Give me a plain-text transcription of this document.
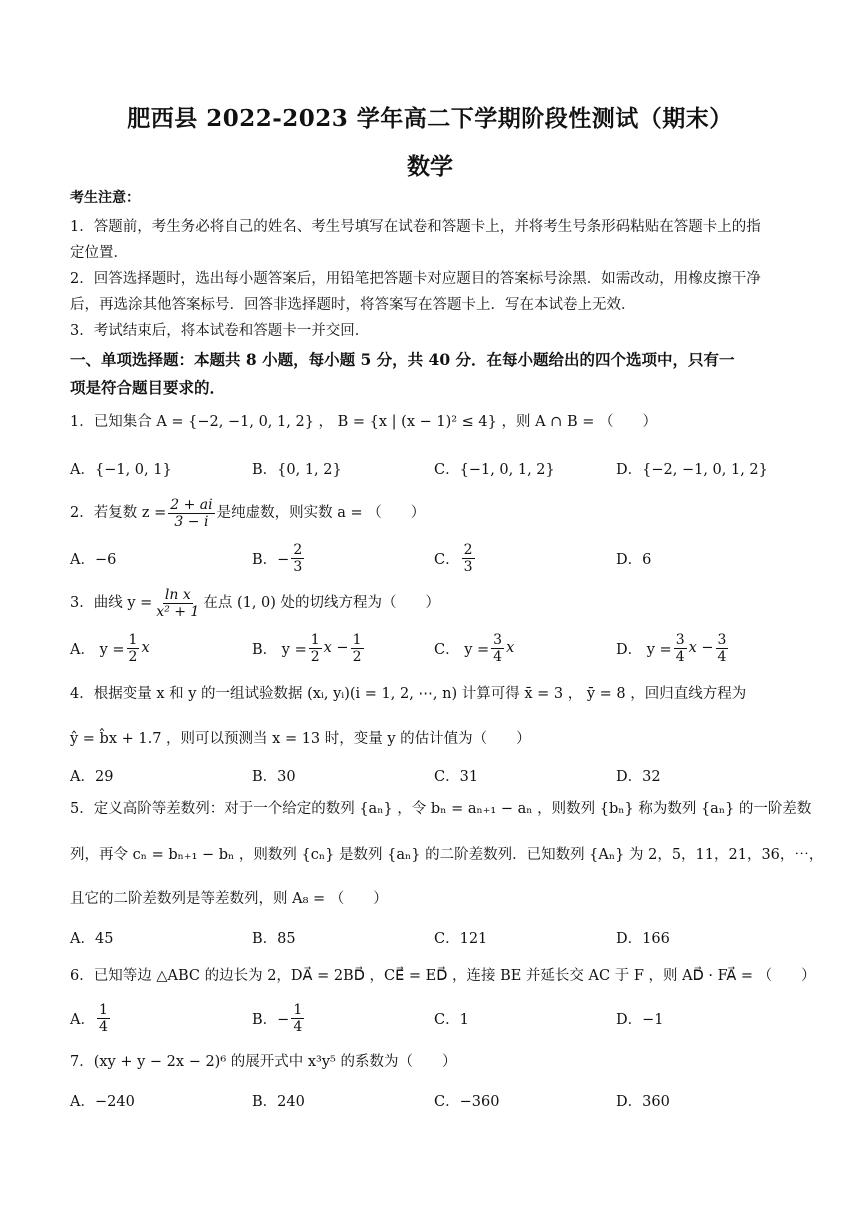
肥西县 2022-2023 学年高二下学期阶段性测试（期末）
数学
考生注意：
1．答题前，考生务必将自己的姓名、考生号填写在试卷和答题卡上，并将考生号条形码粘贴在答题卡上的指
定位置．
2．回答选择题时，选出每小题答案后，用铅笔把答题卡对应题目的答案标号涂黑．如需改动，用橡皮擦干净
后，再选涂其他答案标号．回答非选择题时，将答案写在答题卡上．写在本试卷上无效．
3．考试结束后，将本试卷和答题卡一并交回．
一、单项选择题：本题共 8 小题，每小题 5 分，共 40 分．在每小题给出的四个选项中，只有一
项是符合题目要求的．
1．已知集合 A = {−2, −1, 0, 1, 2} ， B = {x | (x − 1)² ≤ 4} ，则 A ∩ B = （　　）
A．{−1, 0, 1}	B．{0, 1, 2}	C．{−1, 0, 1, 2}	D．{−2, −1, 0, 1, 2}
2．若复数 $z = \frac{2 + ai}{3 - i}$ 是纯虚数，则实数 a = （　　）
A．−6	B．− $\frac{2}{3}$	C． $\frac{2}{3}$	D．6
3．曲线 $y = \frac{\text{ln x}}{\text{x² + 1}}$ 在点 (1, 0) 处的切线方程为（　　）
A． $y = \frac{1}{2}$ x	B． $y = \frac{1}{2}$ $x - \frac{1}{2}$	C． $y = \frac{3}{4}$ x	D． $y = \frac{3}{4}$ $x - \frac{3}{4}$
4．根据变量 x 和 y 的一组试验数据 (xᵢ, yᵢ)(i = 1, 2, ⋯, n) 计算可得 x̄ = 3 ， ȳ = 8 ，回归直线方程为
ŷ = b̂x + 1.7 ，则可以预测当 x = 13 时，变量 y 的估计值为（　　）
A．29	B．30	C．31	D．32
5．定义高阶等差数列：对于一个给定的数列 {aₙ} ，令 bₙ = aₙ₊₁ − aₙ ，则数列 {bₙ} 称为数列 {aₙ} 的一阶差数
列，再令 cₙ = bₙ₊₁ − bₙ ，则数列 {cₙ} 是数列 {aₙ} 的二阶差数列．已知数列 {Aₙ} 为 2，5，11，21，36，⋯，
且它的二阶差数列是等差数列，则 A₈ = （　　）
A．45	B．85	C．121	D．166
6．已知等边 △ABC 的边长为 2，DA⃗ = 2BD⃗ ，CE⃗ = ED⃗ ，连接 BE 并延长交 AC 于 F ，则 AD⃗ · FA⃗ = （　　）
A． $\frac{1}{4}$	B．− $\frac{1}{4}$	C．1	D．−1
7．(xy + y − 2x − 2)⁶ 的展开式中 x³y⁵ 的系数为（　　）
A．−240	B．240	C．−360	D．360
